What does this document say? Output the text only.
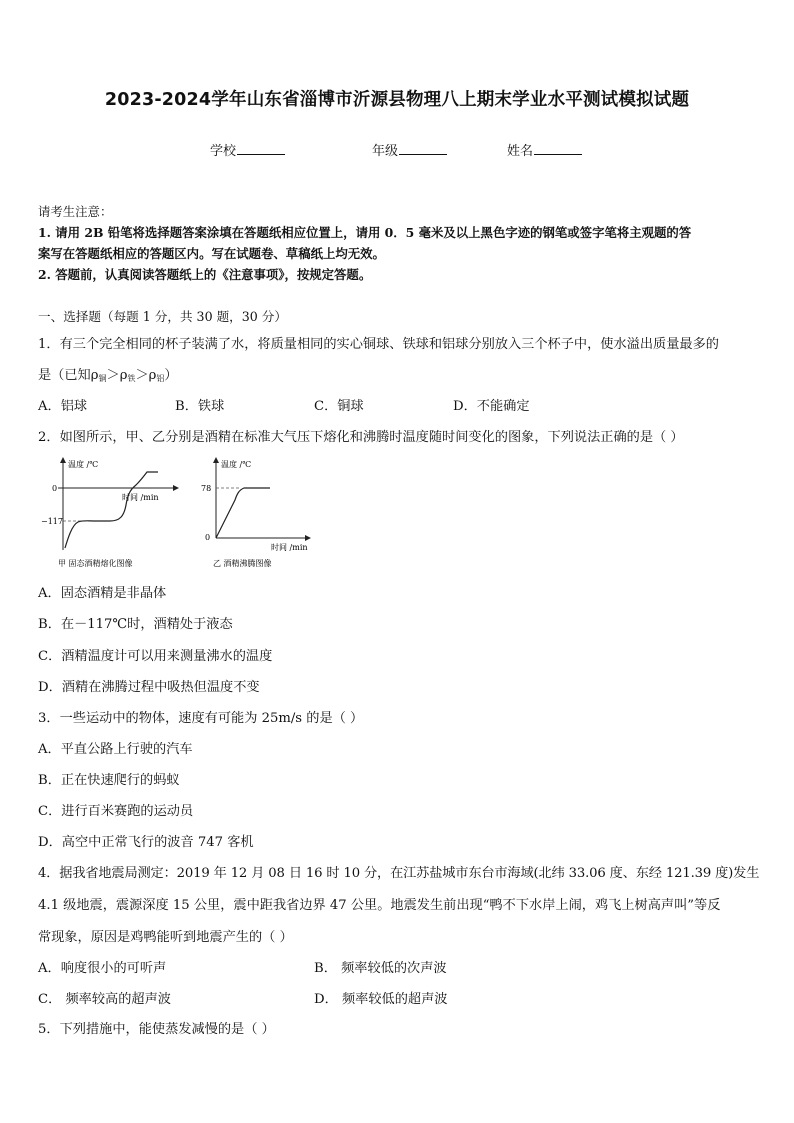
2023-2024学年山东省淄博市沂源县物理八上期末学业水平测试模拟试题
学校	年级	姓名
请考生注意：
1. 请用 2B 铅笔将选择题答案涂填在答题纸相应位置上，请用 0．5 毫米及以上黑色字迹的钢笔或签字笔将主观题的答
案写在答题纸相应的答题区内。写在试题卷、草稿纸上均无效。
2. 答题前，认真阅读答题纸上的《注意事项》，按规定答题。
一、选择题（每题 1 分，共 30 题，30 分）
1．有三个完全相同的杯子装满了水，将质量相同的实心铜球、铁球和铝球分别放入三个杯子中，使水溢出质量最多的
是（已知$\rho_铜>\rho_铁>\rho_铝$）
A．铝球	B．铁球	C．铜球	D．不能确定
2．如图所示，甲、乙分别是酒精在标准大气压下熔化和沸腾时温度随时间变化的图象，下列说法正确的是（ ）
温度 /℃
0
−117
时间 /min
甲 固态酒精熔化图像
温度 /℃
78
0
时间 /min
乙 酒精沸腾图像
A．固态酒精是非晶体
B．在－117℃时，酒精处于液态
C．酒精温度计可以用来测量沸水的温度
D．酒精在沸腾过程中吸热但温度不变
3．一些运动中的物体，速度有可能为 25m/s 的是（ ）
A．平直公路上行驶的汽车
B．正在快速爬行的蚂蚁
C．进行百米赛跑的运动员
D．高空中正常飞行的波音 747 客机
4．据我省地震局测定：2019 年 12 月 08 日 16 时 10 分，在江苏盐城市东台市海域(北纬 33.06 度、东经 121.39 度)发生
4.1 级地震，震源深度 15 公里，震中距我省边界 47 公里。地震发生前出现“鸭不下水岸上闹，鸡飞上树高声叫”等反
常现象，原因是鸡鸭能听到地震产生的（ ）
A．响度很小的可听声	B． 频率较低的次声波
C． 频率较高的超声波	D． 频率较低的超声波
5．下列措施中，能使蒸发减慢的是（ ）
